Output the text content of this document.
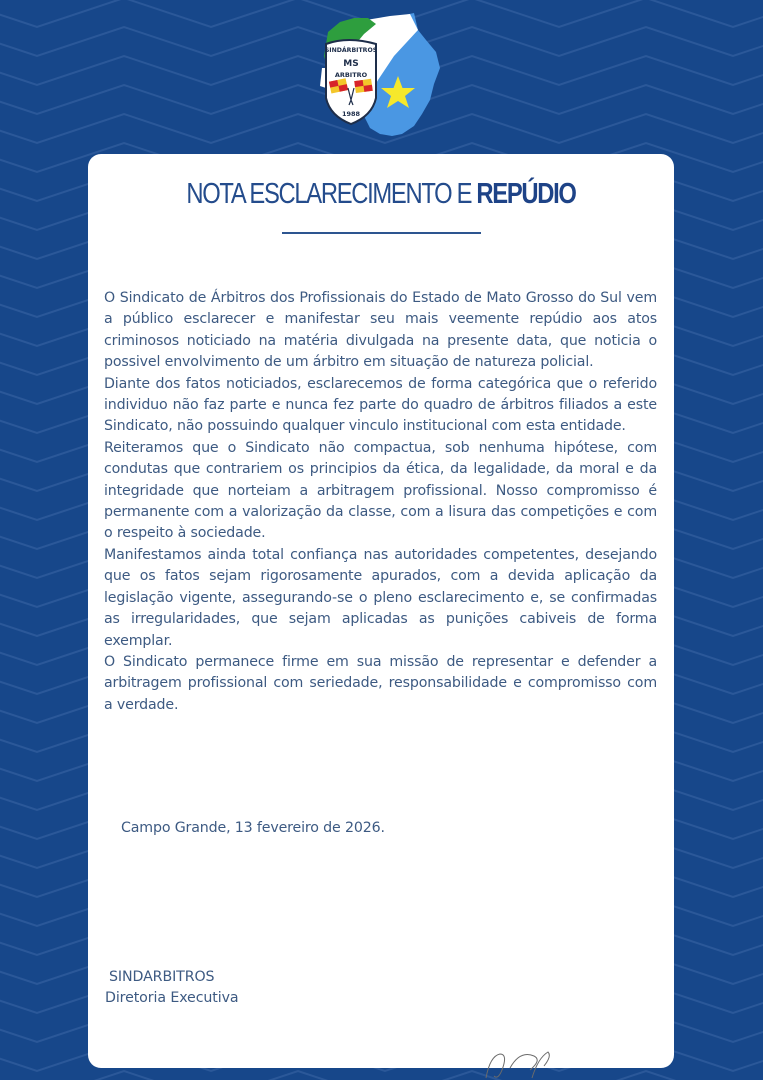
SINDÁRBITROS
MS
ARBITRO
1988
NOTA ESCLARECIMENTO E REPÚDIO

O Sindicato de Árbitros dos Profissionais do Estado de Mato Grosso do Sul vem a público esclarecer e manifestar seu mais veemente repúdio aos atos criminosos noticiado na matéria divulgada na presente data, que noticia o possivel envolvimento de um árbitro em situação de natureza policial.

Diante dos fatos noticiados, esclarecemos de forma categórica que o referido individuo não faz parte e nunca fez parte do quadro de árbitros filiados a este Sindicato, não possuindo qualquer vinculo institucional com esta entidade.

Reiteramos que o Sindicato não compactua, sob nenhuma hipótese, com condutas que contrariem os principios da ética, da legalidade, da moral e da integridade que norteiam a arbitragem profissional. Nosso compromisso é permanente com a valorização da classe, com a lisura das competições e com o respeito à sociedade.

Manifestamos ainda total confiança nas autoridades competentes, desejando que os fatos sejam rigorosamente apurados, com a devida aplicação da legislação vigente, assegurando-se o pleno esclarecimento e, se confirmadas as irregularidades, que sejam aplicadas as punições cabiveis de forma exemplar.

O Sindicato permanece firme em sua missão de representar e defender a arbitragem profissional com seriedade, responsabilidade e compromisso com a verdade.

Campo Grande, 13 fevereiro de 2026.
SINDARBITROS
Diretoria Executiva
